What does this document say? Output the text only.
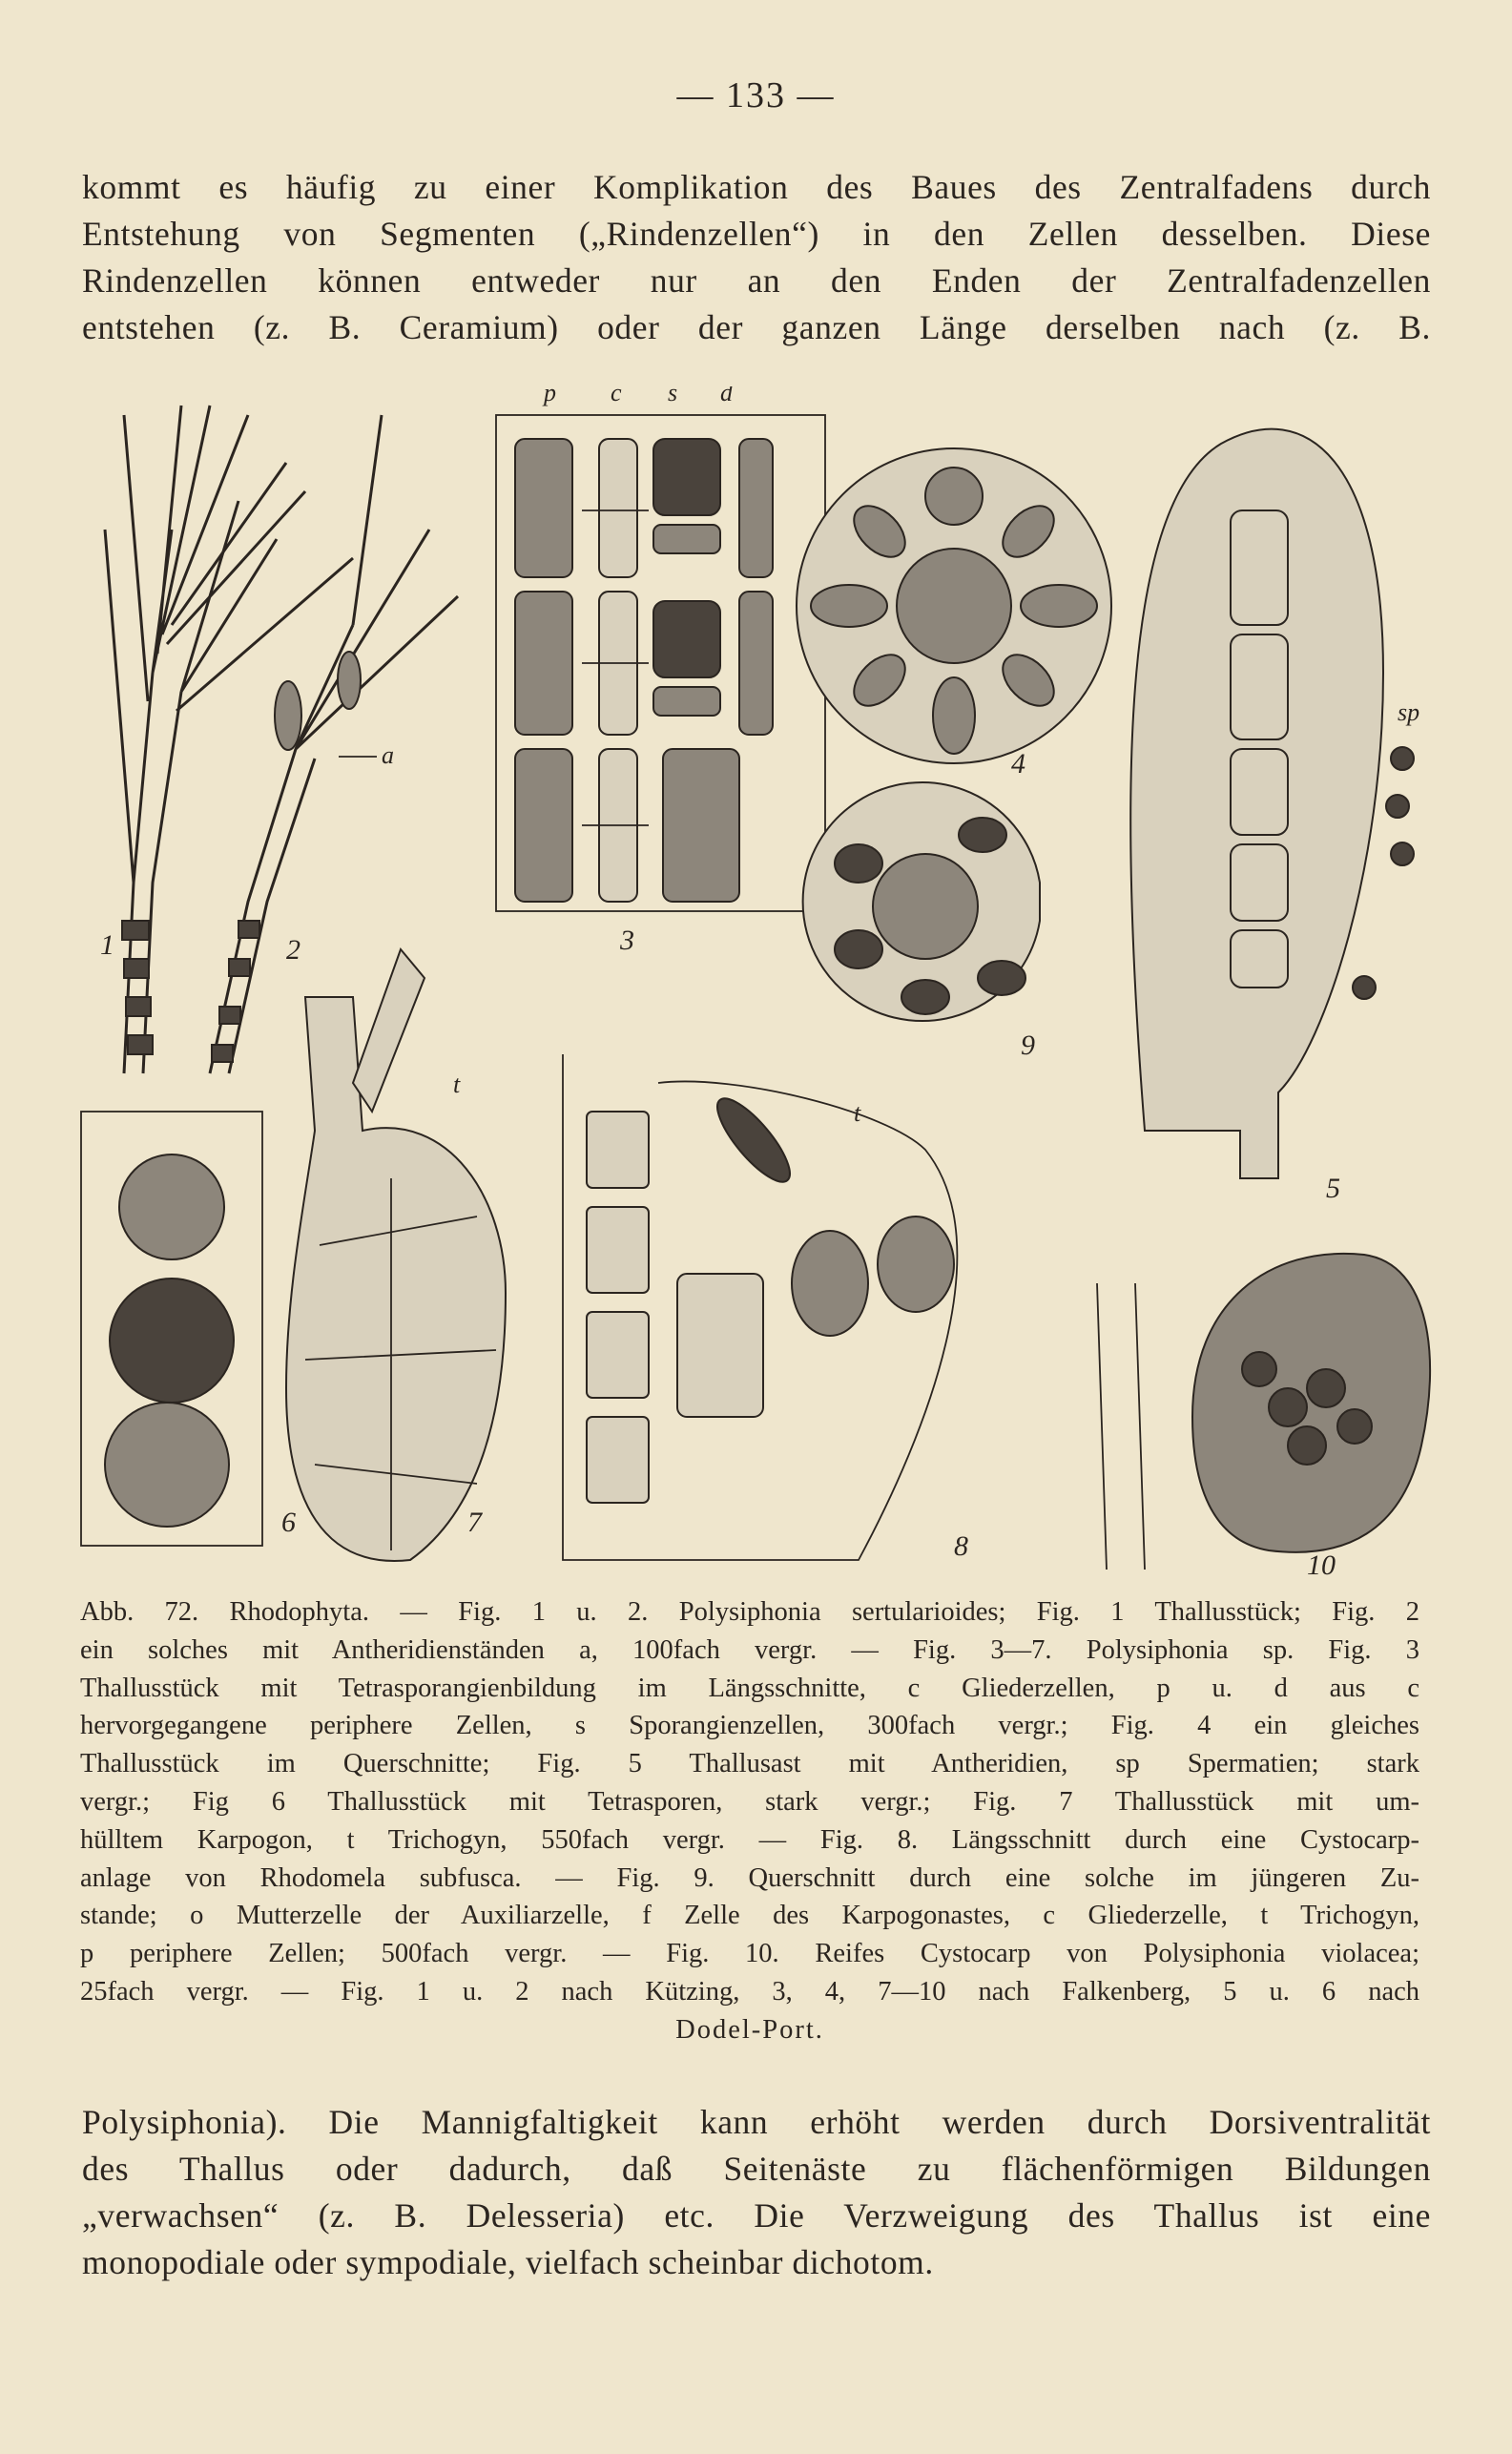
— 133 —
kommt es häufig zu einer Komplikation des Baues des Zentralfadens durch
Entstehung von Segmenten („Rindenzellen“) in den Zellen desselben. Diese
Rindenzellen können entweder nur an den Enden der Zentralfadenzellen
entstehen (z. B. Ceramium) oder der ganzen Länge derselben nach (z. B.
1	2
a
p c s d
3
4
9
sp
5
6
t
7
t
8
10
Abb. 72. Rhodophyta. — Fig. 1 u. 2. Polysiphonia sertularioides; Fig. 1 Thallusstück; Fig. 2
ein solches mit Antheridienständen a, 100fach vergr. — Fig. 3—7. Polysiphonia sp. Fig. 3
Thallusstück mit Tetrasporangienbildung im Längsschnitte, c Gliederzellen, p u. d aus c
hervorgegangene periphere Zellen, s Sporangienzellen, 300fach vergr.; Fig. 4 ein gleiches
Thallusstück im Querschnitte; Fig. 5 Thallusast mit Antheridien, sp Spermatien; stark
vergr.; Fig 6 Thallusstück mit Tetrasporen, stark vergr.; Fig. 7 Thallusstück mit um-
hülltem Karpogon, t Trichogyn, 550fach vergr. — Fig. 8. Längsschnitt durch eine Cystocarp-
anlage von Rhodomela subfusca. — Fig. 9. Querschnitt durch eine solche im jüngeren Zu-
stande; o Mutterzelle der Auxiliarzelle, f Zelle des Karpogonastes, c Gliederzelle, t Trichogyn,
p periphere Zellen; 500fach vergr. — Fig. 10. Reifes Cystocarp von Polysiphonia violacea;
25fach vergr. — Fig. 1 u. 2 nach Kützing, 3, 4, 7—10 nach Falkenberg, 5 u. 6 nach
Dodel-Port.
Polysiphonia). Die Mannigfaltigkeit kann erhöht werden durch Dorsiventralität
des Thallus oder dadurch, daß Seitenäste zu flächenförmigen Bildungen
„verwachsen“ (z. B. Delesseria) etc. Die Verzweigung des Thallus ist eine
monopodiale oder sympodiale, vielfach scheinbar dichotom.
